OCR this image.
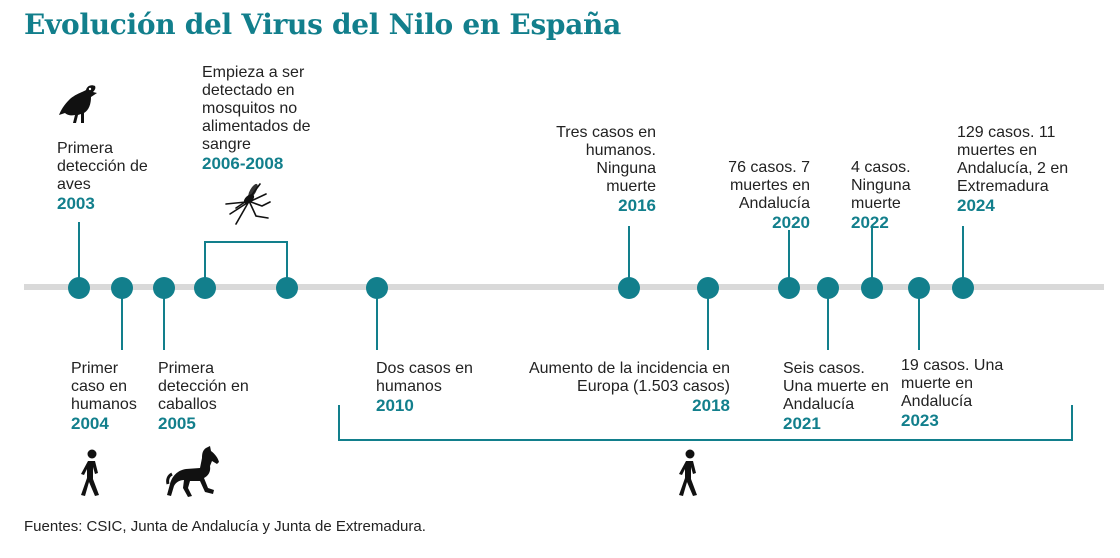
Evolución del Virus del Nilo en España
Primera detección de aves
2003
Empieza a ser detectado en mosquitos no alimentados de sangre
2006-2008
Tres casos en humanos. Ninguna muerte
2016
76 casos. 7 muertes en Andalucía
2020
4 casos. Ninguna muerte
2022
129 casos. 11 muertes en Andalucía, 2 en Extremadura
2024
Primer caso en humanos
2004
Primera detección en caballos
2005
Dos casos en humanos
2010
Aumento de la incidencia en Europa (1.503 casos)
2018
Seis casos. Una muerte en Andalucía
2021
19 casos. Una muerte en Andalucía
2023
Fuentes: CSIC, Junta de Andalucía y Junta de Extremadura.
